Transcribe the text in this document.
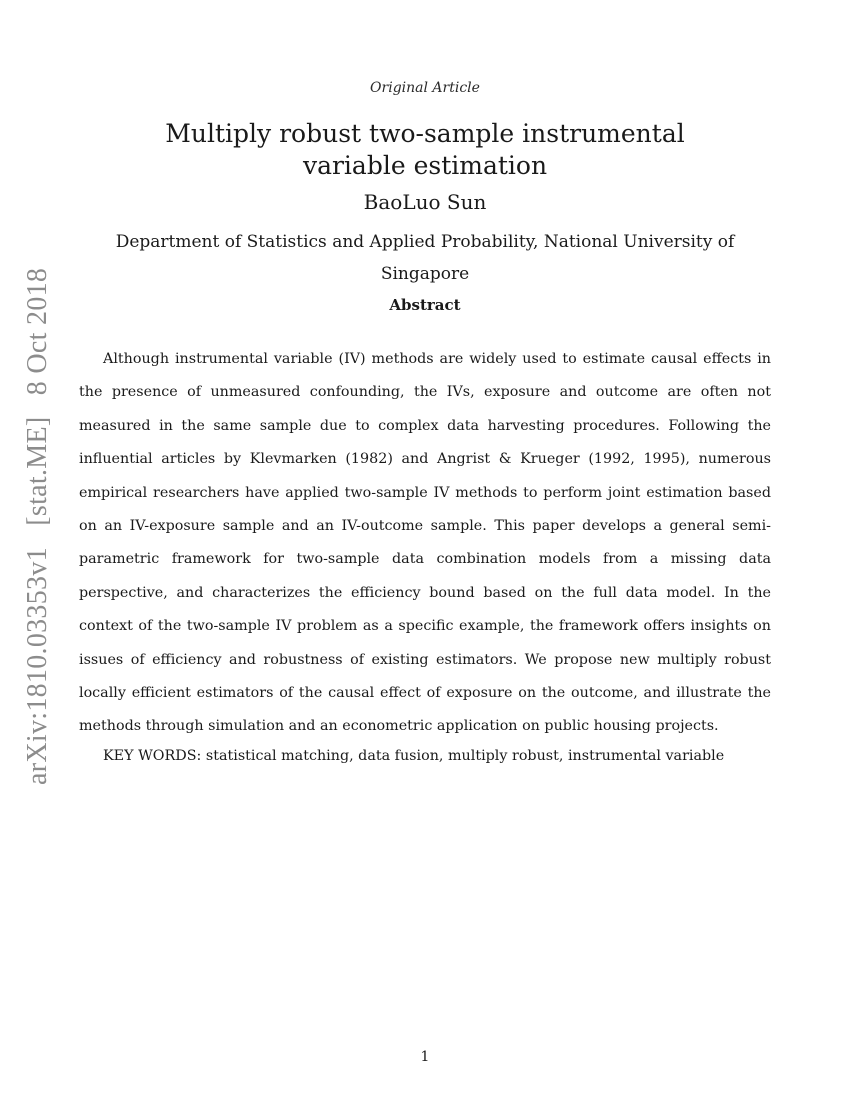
Original Article
Multiply robust two-sample instrumental variable estimation
BaoLuo Sun
Department of Statistics and Applied Probability, National University of Singapore
Abstract

Although instrumental variable (IV) methods are widely used to estimate causal effects in the presence of unmeasured confounding, the IVs, exposure and outcome are often not measured in the same sample due to complex data harvesting procedures. Following the influential articles by Klevmarken (1982) and Angrist & Krueger (1992, 1995), numerous empirical researchers have applied two-sample IV methods to perform joint estimation based on an IV-exposure sample and an IV-outcome sample. This paper develops a general semi-parametric framework for two-sample data combination models from a missing data perspective, and characterizes the efficiency bound based on the full data model. In the context of the two-sample IV problem as a specific example, the framework offers insights on issues of efficiency and robustness of existing estimators. We propose new multiply robust locally efficient estimators of the causal effect of exposure on the outcome, and illustrate the methods through simulation and an econometric application on public housing projects.

KEY WORDS: statistical matching, data fusion, multiply robust, instrumental variable

1
arXiv:1810.03353v1 [stat.ME] 8 Oct 2018
